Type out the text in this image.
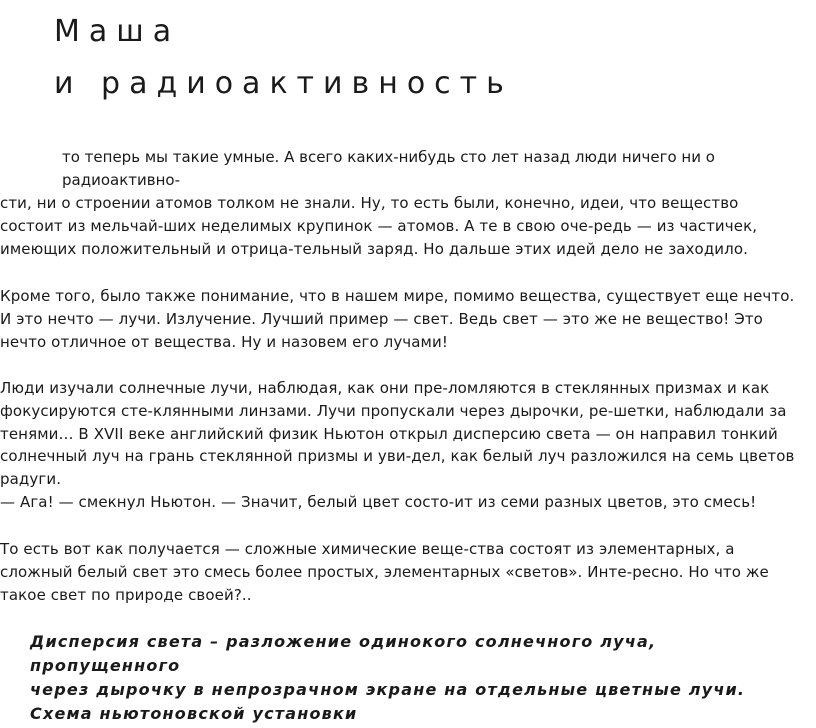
Маша
и радиоактивность

то теперь мы такие умные. А всего каких-нибудь сто лет назад люди ничего ни о
радиоактивно-

сти, ни о строении атомов толком не знали. Ну, то есть были, конечно, идеи, что вещество состоит из мельчай-ших неделимых крупинок — атомов. А те в свою оче-редь — из частичек, имеющих положительный и отрица-тельный заряд. Но дальше этих идей дело не заходило.

Кроме того, было также понимание, что в нашем мире, помимо вещества, существует еще нечто. И это нечто — лучи. Излучение. Лучший пример — свет. Ведь свет — это же не вещество! Это нечто отличное от вещества. Ну и назовем его лучами!

Люди изучали солнечные лучи, наблюдая, как они пре-ломляются в стеклянных призмах и как фокусируются сте-клянными линзами. Лучи пропускали через дырочки, ре-шетки, наблюдали за тенями… В XVII веке английский физик Ньютон открыл дисперсию света — он направил тонкий солнечный луч на грань стеклянной призмы и уви-дел, как белый луч разложился на семь цветов радуги.

— Ага! — смекнул Ньютон. — Значит, белый цвет состо-ит из семи разных цветов, это смесь!

То есть вот как получается — сложные химические веще-ства состоят из элементарных, а сложный белый свет это смесь более простых, элементарных «светов». Инте-ресно. Но что же такое свет по природе своей?..

Дисперсия света – разложение одинокого солнечного луча,
пропущенного
через дырочку в непрозрачном экране на отдельные цветные лучи.
Схема ньютоновской установки
